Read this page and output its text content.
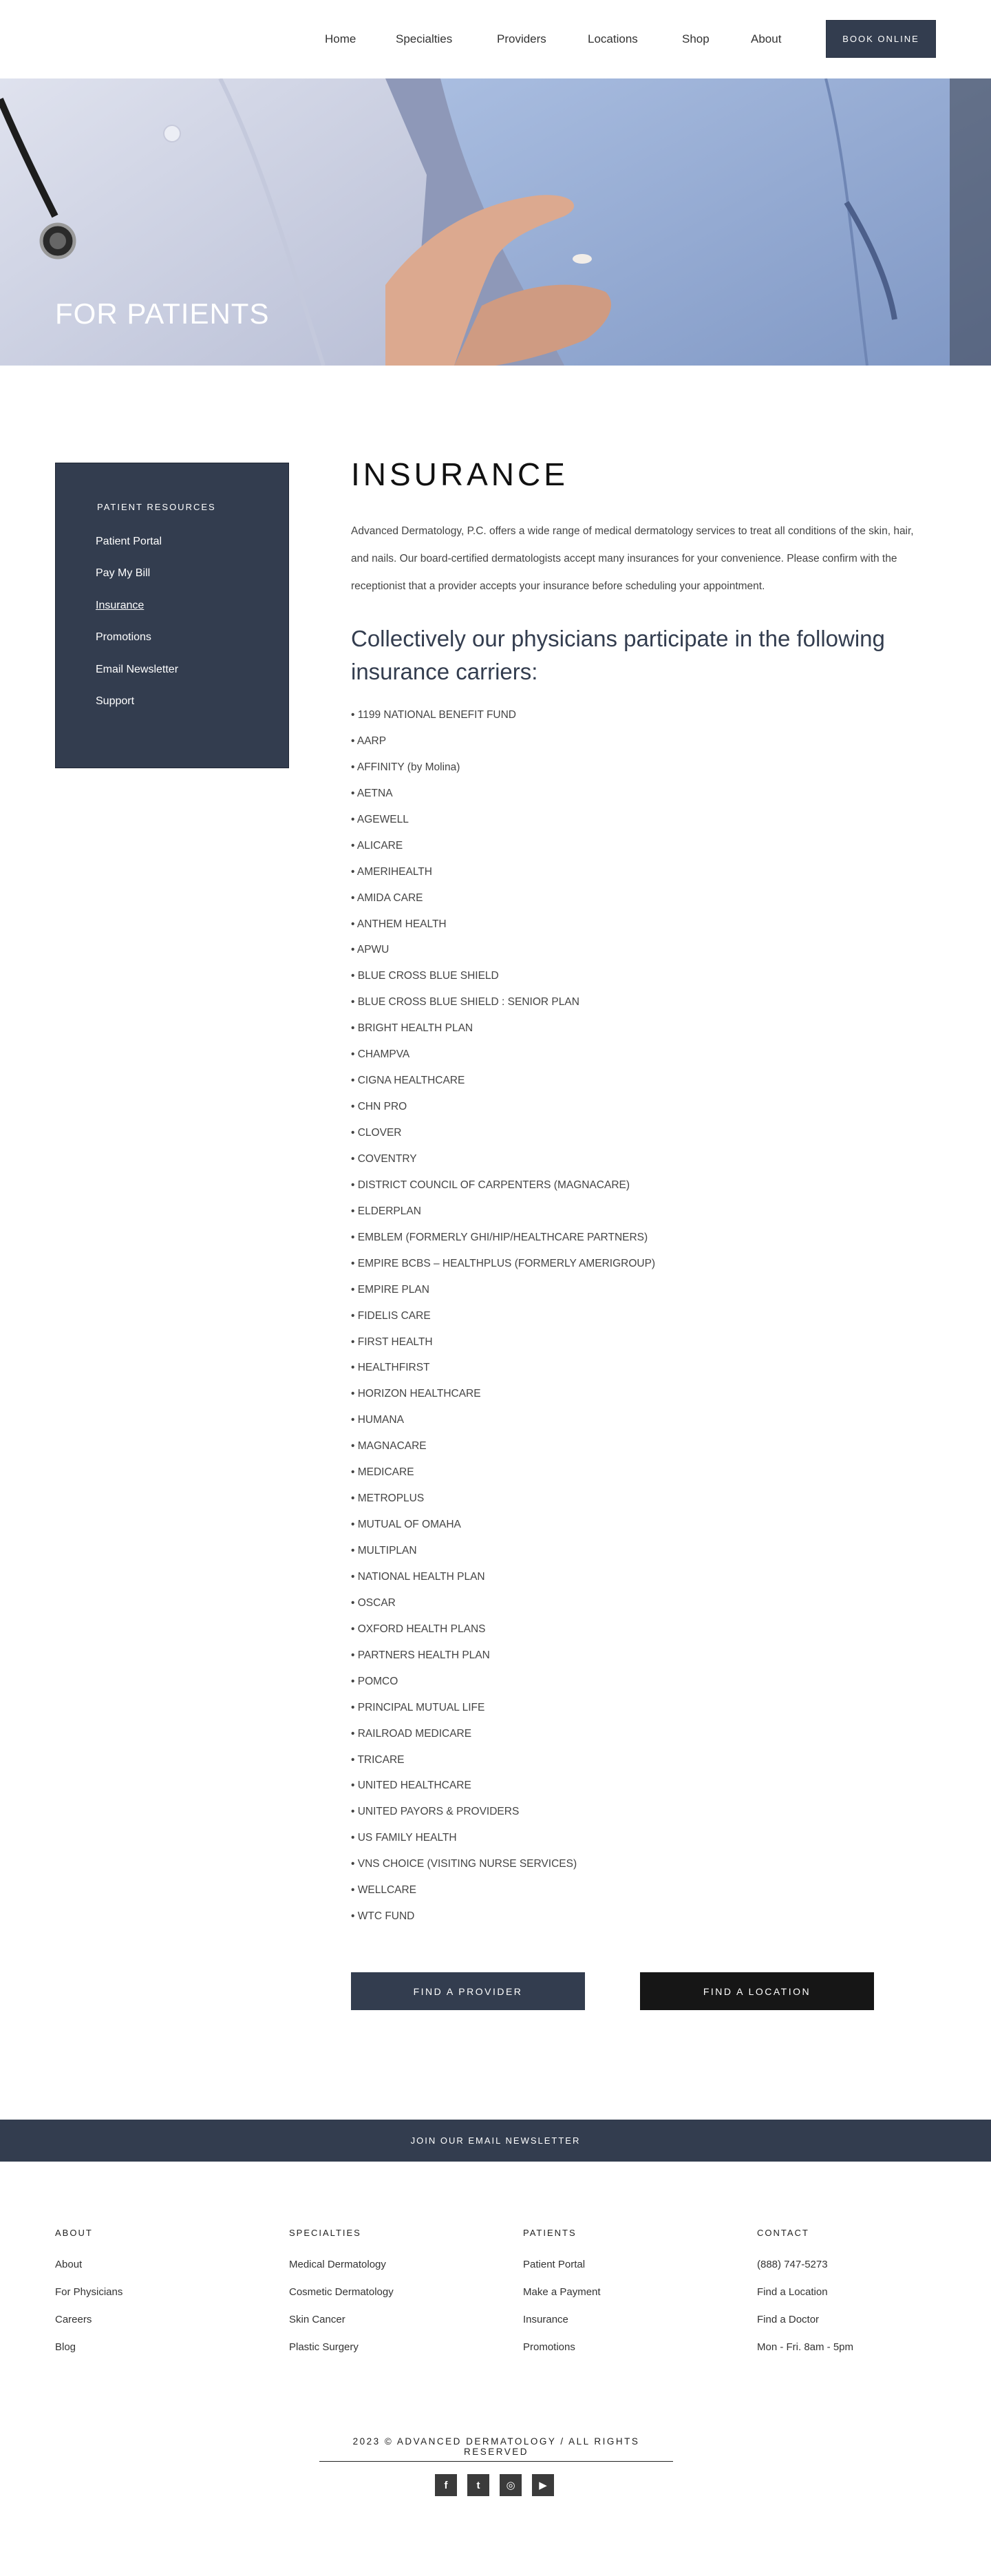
Home	Specialties	Providers	Locations	Shop	About	BOOK ONLINE
FOR PATIENTS
PATIENT RESOURCES
Patient Portal
Pay My Bill
Insurance
Promotions
Email Newsletter
Support
INSURANCE

Advanced Dermatology, P.C. offers a wide range of medical dermatology services to treat all conditions of the skin, hair, and nails. Our board-certified dermatologists accept many insurances for your convenience. Please confirm with the receptionist that a provider accepts your insurance before scheduling your appointment.

Collectively our physicians participate in the following insurance carriers:
• 1199 NATIONAL BENEFIT FUND
• AARP
• AFFINITY (by Molina)
• AETNA
• AGEWELL
• ALICARE
• AMERIHEALTH
• AMIDA CARE
• ANTHEM HEALTH
• APWU
• BLUE CROSS BLUE SHIELD
• BLUE CROSS BLUE SHIELD : SENIOR PLAN
• BRIGHT HEALTH PLAN
• CHAMPVA
• CIGNA HEALTHCARE
• CHN PRO
• CLOVER
• COVENTRY
• DISTRICT COUNCIL OF CARPENTERS (MAGNACARE)
• ELDERPLAN
• EMBLEM (FORMERLY GHI/HIP/HEALTHCARE PARTNERS)
• EMPIRE BCBS – HEALTHPLUS (FORMERLY AMERIGROUP)
• EMPIRE PLAN
• FIDELIS CARE
• FIRST HEALTH
• HEALTHFIRST
• HORIZON HEALTHCARE
• HUMANA
• MAGNACARE
• MEDICARE
• METROPLUS
• MUTUAL OF OMAHA
• MULTIPLAN
• NATIONAL HEALTH PLAN
• OSCAR
• OXFORD HEALTH PLANS
• PARTNERS HEALTH PLAN
• POMCO
• PRINCIPAL MUTUAL LIFE
• RAILROAD MEDICARE
• TRICARE
• UNITED HEALTHCARE
• UNITED PAYORS & PROVIDERS
• US FAMILY HEALTH
• VNS CHOICE (VISITING NURSE SERVICES)
• WELLCARE
• WTC FUND
FIND A PROVIDER	FIND A LOCATION
JOIN OUR EMAIL NEWSLETTER
ABOUT
About
For Physicians
Careers
Blog
SPECIALTIES
Medical Dermatology
Cosmetic Dermatology
Skin Cancer
Plastic Surgery
PATIENTS
Patient Portal
Make a Payment
Insurance
Promotions
CONTACT
(888) 747-5273
Find a Location
Find a Doctor
Mon - Fri. 8am - 5pm
2023 © ADVANCED DERMATOLOGY / ALL RIGHTS RESERVED
f	t	◎	▶
